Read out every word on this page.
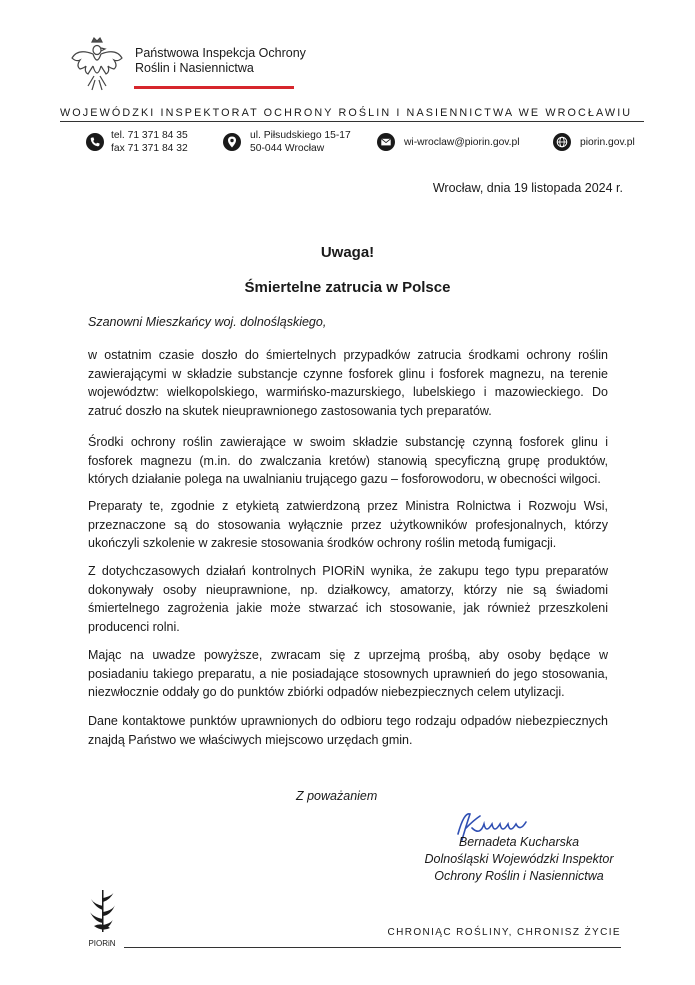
Państwowa Inspekcja Ochrony
Roślin i Nasiennictwa
WOJEWÓDZKI INSPEKTORAT OCHRONY ROŚLIN I NASIENNICTWA WE WROCŁAWIU
tel. 71 371 84 35
fax 71 371 84 32
ul. Piłsudskiego 15-17
50-044 Wrocław
wi-wroclaw@piorin.gov.pl	piorin.gov.pl
Wrocław, dnia 19 listopada 2024 r.
Uwaga!
Śmiertelne zatrucia w Polsce
Szanowni Mieszkańcy woj. dolnośląskiego,
w ostatnim czasie doszło do śmiertelnych przypadków zatrucia środkami ochrony roślin zawierającymi w składzie substancje czynne fosforek glinu i fosforek magnezu, na terenie województw: wielkopolskiego, warmińsko-mazurskiego, lubelskiego i mazowieckiego. Do zatruć doszło na skutek nieuprawnionego zastosowania tych preparatów.
Środki ochrony roślin zawierające w swoim składzie substancję czynną fosforek glinu i fosforek magnezu (m.in. do zwalczania kretów) stanowią specyficzną grupę produktów, których działanie polega na uwalnianiu trującego gazu – fosforowodoru, w obecności wilgoci.
Preparaty te, zgodnie z etykietą zatwierdzoną przez Ministra Rolnictwa i Rozwoju Wsi, przeznaczone są do stosowania wyłącznie przez użytkowników profesjonalnych, którzy ukończyli szkolenie w zakresie stosowania środków ochrony roślin metodą fumigacji.
Z dotychczasowych działań kontrolnych PIORiN wynika, że zakupu tego typu preparatów dokonywały osoby nieuprawnione, np. działkowcy, amatorzy, którzy nie są świadomi śmiertelnego zagrożenia jakie może stwarzać ich stosowanie, jak również przeszkoleni producenci rolni.
Mając na uwadze powyższe, zwracam się z uprzejmą prośbą, aby osoby będące w posiadaniu takiego preparatu, a nie posiadające stosownych uprawnień do jego stosowania, niezwłocznie oddały go do punktów zbiórki odpadów niebezpiecznych celem utylizacji.
Dane kontaktowe punktów uprawnionych do odbioru tego rodzaju odpadów niebezpiecznych znajdą Państwo we właściwych miejscowo urzędach gmin.
Z poważaniem
Bernadeta Kucharska
Dolnośląski Wojewódzki Inspektor
Ochrony Roślin i Nasiennictwa
PIORiN
CHRONIĄC ROŚLINY, CHRONISZ ŻYCIE
